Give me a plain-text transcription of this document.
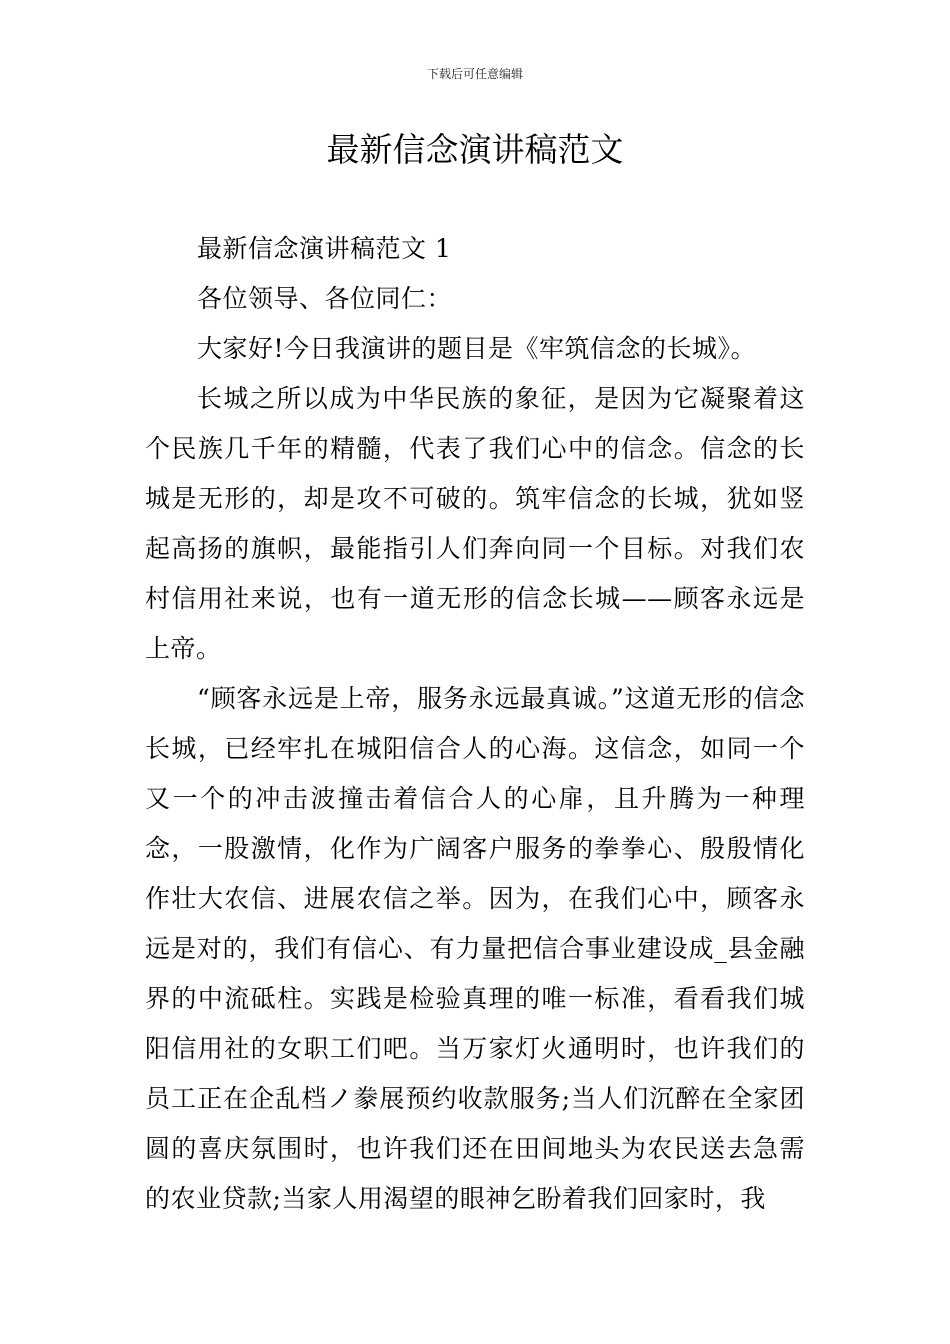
下载后可任意编辑
最新信念演讲稿范文

最新信念演讲稿范文 1

各位领导、各位同仁：

大家好!今日我演讲的题目是《牢筑信念的长城》。

长城之所以成为中华民族的象征，是因为它凝聚着这个民族几千年的精髓，代表了我们心中的信念。信念的长城是无形的，却是攻不可破的。筑牢信念的长城，犹如竖起高扬的旗帜，最能指引人们奔向同一个目标。对我们农村信用社来说，也有一道无形的信念长城——顾客永远是上帝。

“顾客永远是上帝，服务永远最真诚。”这道无形的信念长城，已经牢扎在城阳信合人的心海。这信念，如同一个又一个的冲击波撞击着信合人的心扉，且升腾为一种理念，一股激情，化作为广阔客户服务的拳拳心、殷殷情化作壮大农信、进展农信之举。因为，在我们心中，顾客永远是对的，我们有信心、有力量把信合事业建设成_县金融界的中流砥柱。实践是检验真理的唯一标准，看看我们城阳信用社的女职工们吧。当万家灯火通明时，也许我们的员工正在企乱档ノ豢展预约收款服务;当人们沉醉在全家团圆的喜庆氛围时，也许我们还在田间地头为农民送去急需的农业贷款;当家人用渴望的眼神乞盼着我们回家时，我
